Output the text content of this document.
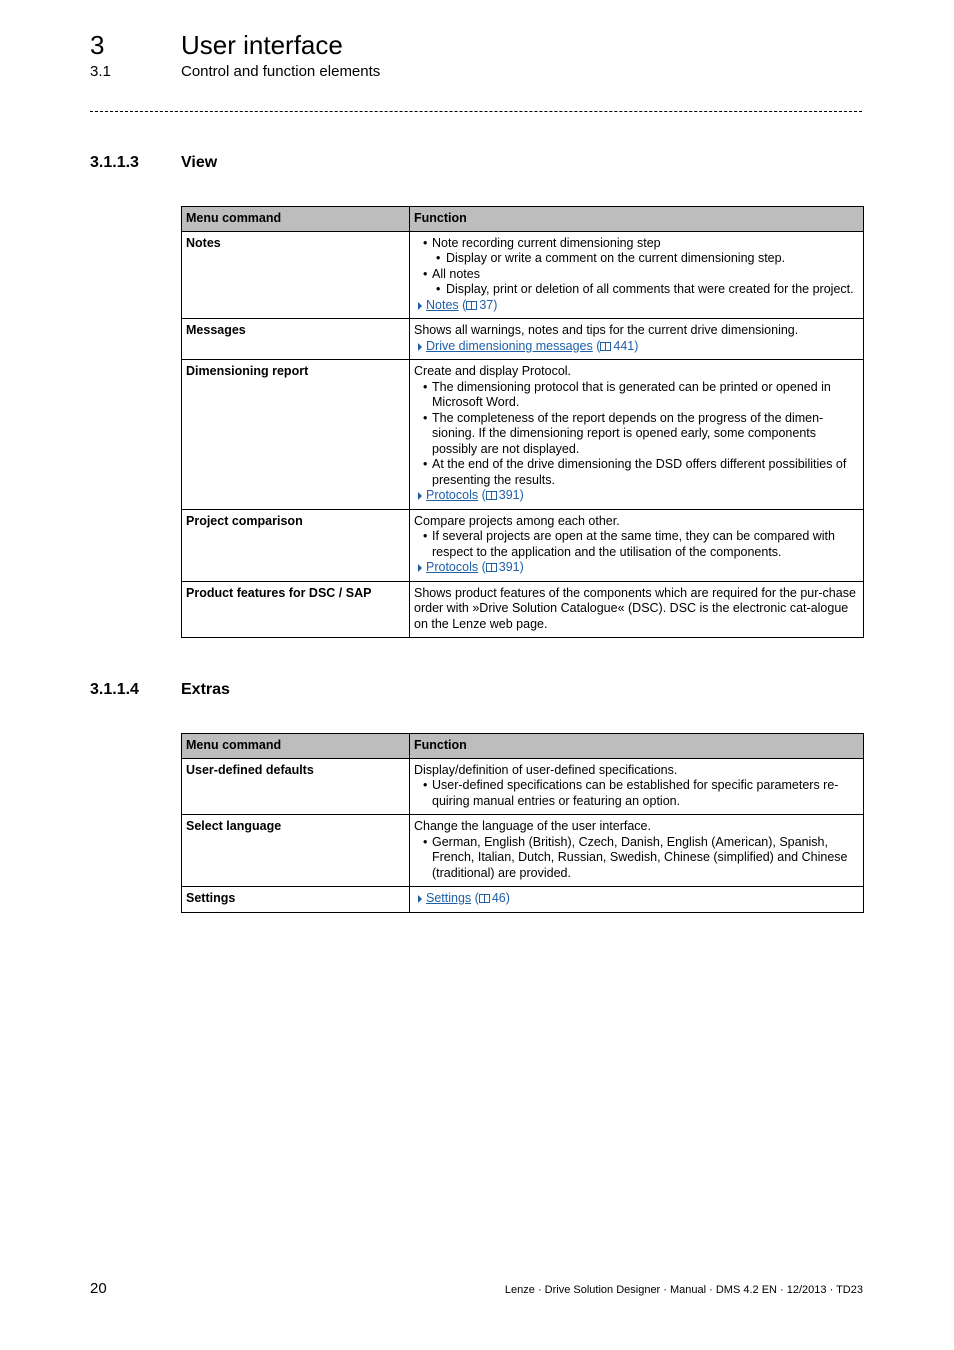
3	User interface
3.1	Control and function elements
3.1.1.3	View
Menu command	Function
Notes	• Note recording current dimensioning step
• Display or write a comment on the current dimensioning step.
• All notes
• Display, print or deletion of all comments that were created for the project.
Notes ( 37)

Messages	Shows all warnings, notes and tips for the current drive dimensioning.
Drive dimensioning messages ( 441)

Dimensioning report	Create and display Protocol.
• The dimensioning protocol that is generated can be printed or opened in Microsoft Word.
• The completeness of the report depends on the progress of the dimen-sioning. If the dimensioning report is opened early, some components possibly are not displayed.
• At the end of the drive dimensioning the DSD offers different possibilities of presenting the results.
Protocols ( 391)

Project comparison	Compare projects among each other.
• If several projects are open at the same time, they can be compared with respect to the application and the utilisation of the components.
Protocols ( 391)

Product features for DSC / SAP	Shows product features of the components which are required for the pur-chase order with »Drive Solution Catalogue« (DSC). DSC is the electronic cat-alogue on the Lenze web page.
3.1.1.4	Extras
Menu command	Function
User-defined defaults	Display/definition of user-defined specifications.
• User-defined specifications can be established for specific parameters re-quiring manual entries or featuring an option.

Select language	Change the language of the user interface.
• German, English (British), Czech, Danish, English (American), Spanish, French, Italian, Dutch, Russian, Swedish, Chinese (simplified) and Chinese (traditional) are provided.

Settings	Settings ( 46)
20	Lenze · Drive Solution Designer · Manual · DMS 4.2 EN · 12/2013 · TD23
